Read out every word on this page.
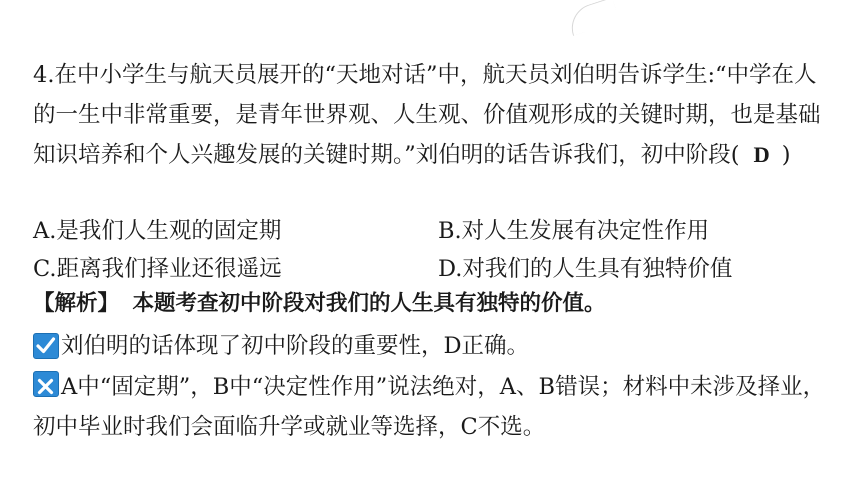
4.在中小学生与航天员展开的“天地对话”中，航天员刘伯明告诉学生:“中学在人的一生中非常重要，是青年世界观、人生观、价值观形成的关键时期，也是基础知识培养和个人兴趣发展的关键时期。”刘伯明的话告诉我们，初中阶段( D )

A.是我们人生观的固定期	B.对人生发展有决定性作用
C.距离我们择业还很遥远	D.对我们的人生具有独特价值
【解析】 本题考查初中阶段对我们的人生具有独特的价值。
刘伯明的话体现了初中阶段的重要性，D正确。

A中“固定期”，B中“决定性作用”说法绝对，A、B错误；材料中未涉及择业，初中毕业时我们会面临升学或就业等选择，C不选。
